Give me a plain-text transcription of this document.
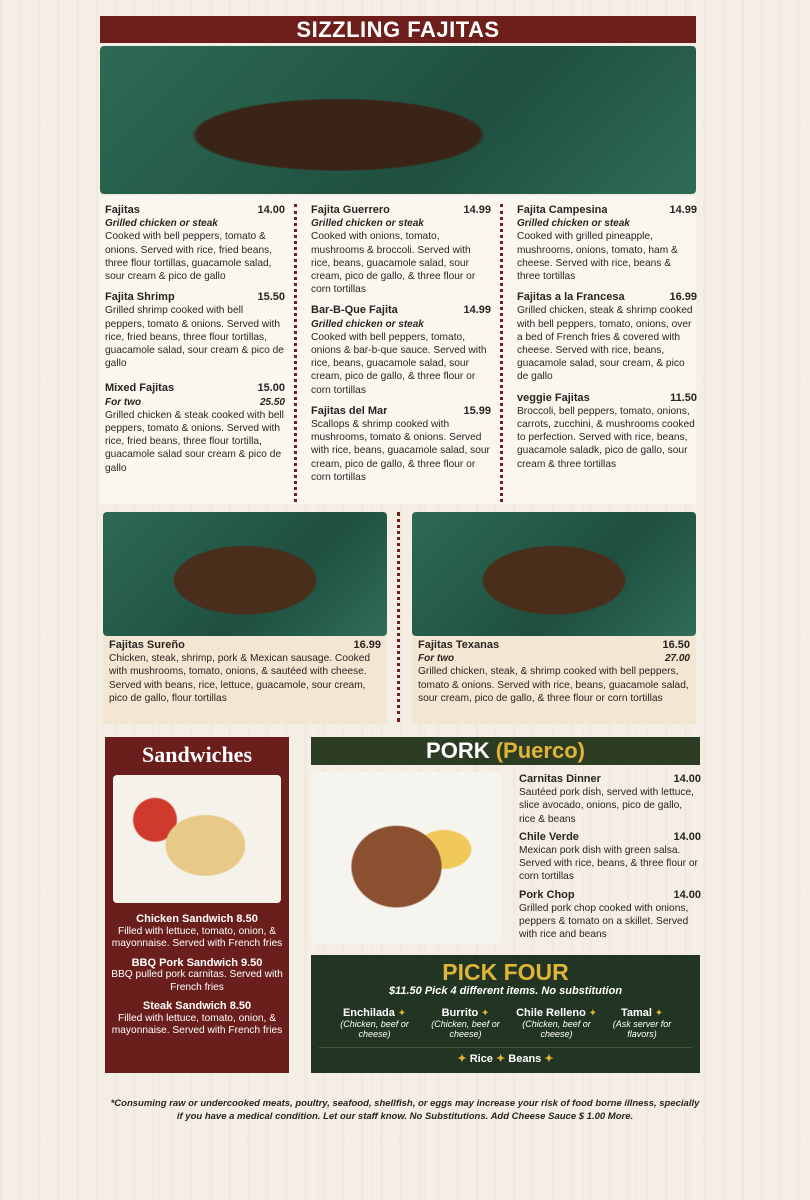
SIZZLING FAJITAS
Fajitas	14.00
Grilled chicken or steak
Cooked with bell peppers, tomato & onions. Served with rice, fried beans, three flour tortillas, guacamole salad, sour cream & pico de gallo
Fajita Shrimp	15.50
Grilled shrimp cooked with bell peppers, tomato & onions. Served with rice, fried beans, three flour tortillas, guacamole salad, sour cream & pico de gallo
Mixed Fajitas	15.00
For two	25.50
Grilled chicken & steak cooked with bell peppers, tomato & onions. Served with rice, fried beans, three flour tortilla, guacamole salad sour cream & pico de gallo
Fajita Guerrero	14.99
Grilled chicken or steak
Cooked with onions, tomato, mushrooms & broccoli. Served with rice, beans, guacamole salad, sour cream, pico de gallo, & three flour or corn tortillas
Bar-B-Que Fajita	14.99
Grilled chicken or steak
Cooked with bell peppers, tomato, onions & bar-b-que sauce. Served with rice, beans, guacamole salad, sour cream, pico de gallo, & three flour or corn tortillas
Fajitas del Mar	15.99
Scallops & shrimp cooked with mushrooms, tomato & onions. Served with rice, beans, guacamole salad, sour cream, pico de gallo, & three flour or corn tortillas
Fajita Campesina	14.99
Grilled chicken or steak
Cooked with grilled pineapple, mushrooms, onions, tomato, ham & cheese. Served with rice, beans & three tortillas
Fajitas a la Francesa	16.99
Grilled chicken, steak & shrimp cooked with bell peppers, tomato, onions, over a bed of French fries & covered with cheese. Served with rice, beans, guacamole salad, sour cream, & pico de gallo
veggie Fajitas	11.50
Broccoli, bell peppers, tomato, onions, carrots, zucchini, & mushrooms cooked to perfection. Served with rice, beans, guacamole saladk, pico de gallo, sour cream & three tortillas
Fajitas Sureño	16.99
Chicken, steak, shrimp, pork & Mexican sausage. Cooked with mushrooms, tomato, onions, & sautéed with cheese. Served with beans, rice, lettuce, guacamole, sour cream, pico de gallo, flour tortillas
Fajitas Texanas	16.50
For two	27.00
Grilled chicken, steak, & shrimp cooked with bell peppers, tomato & onions. Served with rice, beans, guacamole salad, sour cream, pico de gallo, & three flour or corn tortillas
Sandwiches
Chicken Sandwich 8.50
Filled with lettuce, tomato, onion, & mayonnaise. Served with French fries
BBQ Pork Sandwich 9.50
BBQ pulled pork carnitas. Served with French fries
Steak Sandwich 8.50
Filled with lettuce, tomato, onion, & mayonnaise. Served with French fries
PORK (Puerco)
Carnitas Dinner	14.00
Sautéed pork dish, served with lettuce, slice avocado, onions, pico de gallo, rice & beans
Chile Verde	14.00
Mexican pork dish with green salsa. Served with rice, beans, & three flour or corn tortillas
Pork Chop	14.00
Grilled pork chop cooked with onions, peppers & tomato on a skillet. Served with rice and beans
PICK FOUR
$11.50 Pick 4 different items. No substitution
Enchilada ✦
(Chicken, beef or cheese)
Burrito ✦
(Chicken, beef or cheese)
Chile Relleno ✦
(Chicken, beef or cheese)
Tamal ✦
(Ask server for flavors)
✦ Rice ✦ Beans ✦
*Consuming raw or undercooked meats, poultry, seafood, shellfish, or eggs may increase your risk of food borne illness, specially if you have a medical condition. Let our staff know. No Substitutions. Add Cheese Sauce $ 1.00 More.
